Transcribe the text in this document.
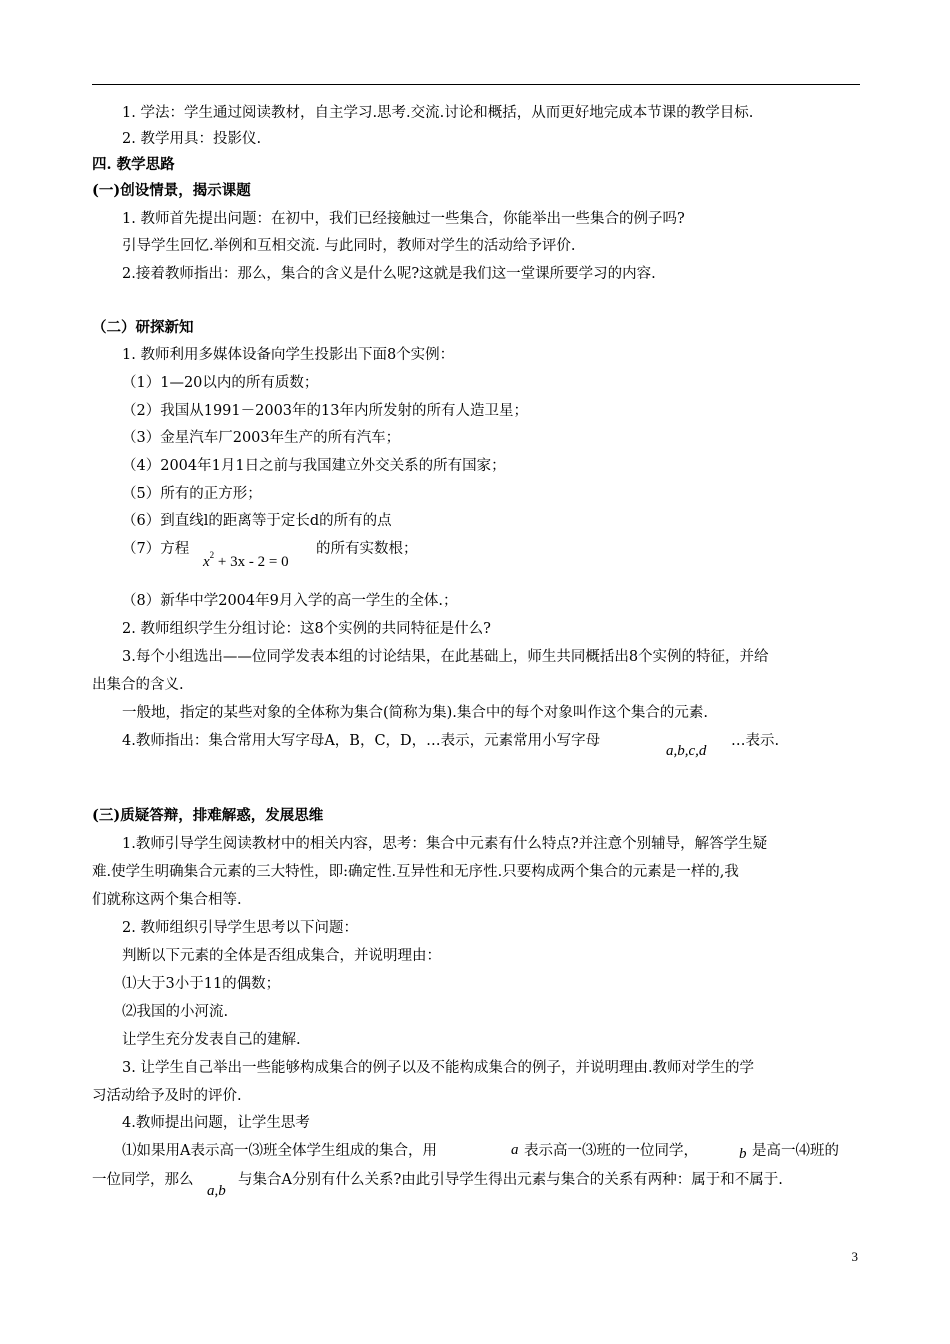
1. 学法：学生通过阅读教材，自主学习.思考.交流.讨论和概括，从而更好地完成本节课的教学目标.
2. 教学用具：投影仪.
四. 教学思路
(一)创设情景，揭示课题
1. 教师首先提出问题：在初中，我们已经接触过一些集合，你能举出一些集合的例子吗?
引导学生回忆.举例和互相交流. 与此同时，教师对学生的活动给予评价.
2.接着教师指出：那么，集合的含义是什么呢?这就是我们这一堂课所要学习的内容.
（二）研探新知
1. 教师利用多媒体设备向学生投影出下面8个实例：
（1）1—20以内的所有质数；
（2）我国从1991－2003年的13年内所发射的所有人造卫星；
（3）金星汽车厂2003年生产的所有汽车；
（4）2004年1月1日之前与我国建立外交关系的所有国家；
（5）所有的正方形；
（6）到直线l的距离等于定长d的所有的点
（7）方程
$x^2 + 3x - 2 = 0$
的所有实数根；
（8）新华中学2004年9月入学的高一学生的全体.；
2. 教师组织学生分组讨论：这8个实例的共同特征是什么?
3.每个小组选出——位同学发表本组的讨论结果，在此基础上，师生共同概括出8个实例的特征，并给
出集合的含义.
一般地，指定的某些对象的全体称为集合(简称为集).集合中的每个对象叫作这个集合的元素.
4.教师指出：集合常用大写字母A，B，C，D，…表示，元素常用小写字母
a,b,c,d
…表示.
(三)质疑答辩，排难解惑，发展思维
1.教师引导学生阅读教材中的相关内容，思考：集合中元素有什么特点?并注意个别辅导，解答学生疑
难.使学生明确集合元素的三大特性，即:确定性.互异性和无序性.只要构成两个集合的元素是一样的,我
们就称这两个集合相等.
2. 教师组织引导学生思考以下问题：
判断以下元素的全体是否组成集合，并说明理由：
⑴大于3小于11的偶数；
⑵我国的小河流.
让学生充分发表自己的建解.
3. 让学生自己举出一些能够构成集合的例子以及不能构成集合的例子，并说明理由.教师对学生的学
习活动给予及时的评价.
4.教师提出问题，让学生思考
⑴如果用A表示高一⑶班全体学生组成的集合，用	a 表示高一⑶班的一位同学，	b 是高一⑷班的
一位同学，那么
a,b
与集合A分别有什么关系?由此引导学生得出元素与集合的关系有两种：属于和不属于.
3
